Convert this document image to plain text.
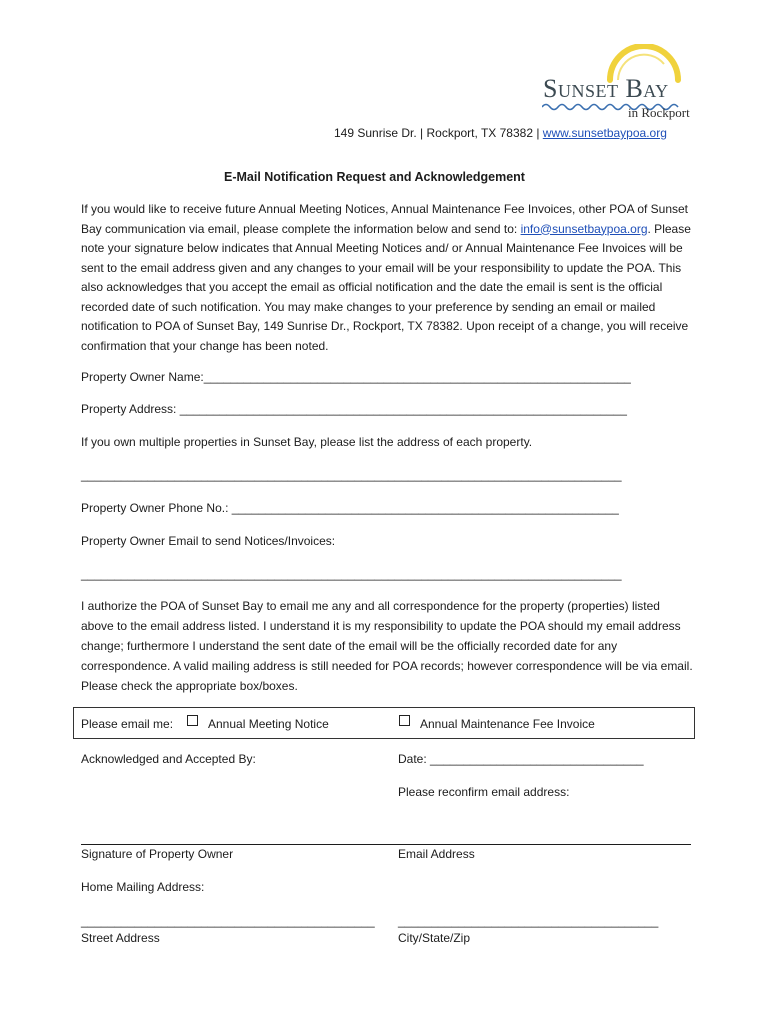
Sunset Bay
in Rockport
149 Sunrise Dr. | Rockport, TX 78382 | www.sunsetbaypoa.org
E-Mail Notification Request and Acknowledgement
If you would like to receive future Annual Meeting Notices, Annual Maintenance Fee Invoices, other POA of Sunset Bay communication via email, please complete the information below and send to: info@sunsetbaypoa.org. Please note your signature below indicates that Annual Meeting Notices and/ or Annual Maintenance Fee Invoices will be sent to the email address given and any changes to your email will be your responsibility to update the POA. This also acknowledges that you accept the email as official notification and the date the email is sent is the official recorded date of such notification. You may make changes to your preference by sending an email or mailed notification to POA of Sunset Bay, 149 Sunrise Dr., Rockport, TX 78382. Upon receipt of a change, you will receive confirmation that your change has been noted.
Property Owner Name:________________________________________________________________
Property Address: ___________________________________________________________________
If you own multiple properties in Sunset Bay, please list the address of each property.
_________________________________________________________________________________
Property Owner Phone No.: __________________________________________________________
Property Owner Email to send Notices/Invoices:
_________________________________________________________________________________
I authorize the POA of Sunset Bay to email me any and all correspondence for the property (properties) listed above to the email address listed. I understand it is my responsibility to update the POA should my email address change; furthermore I understand the sent date of the email will be the officially recorded date for any correspondence. A valid mailing address is still needed for POA records; however correspondence will be via email. Please check the appropriate box/boxes.
Please email me:	Annual Meeting Notice	Annual Maintenance Fee Invoice
Acknowledged and Accepted By:	Date: ________________________________
Please reconfirm email address:
Signature of Property Owner	Email Address
Home Mailing Address:
____________________________________________ _______________________________________
Street Address	City/State/Zip
